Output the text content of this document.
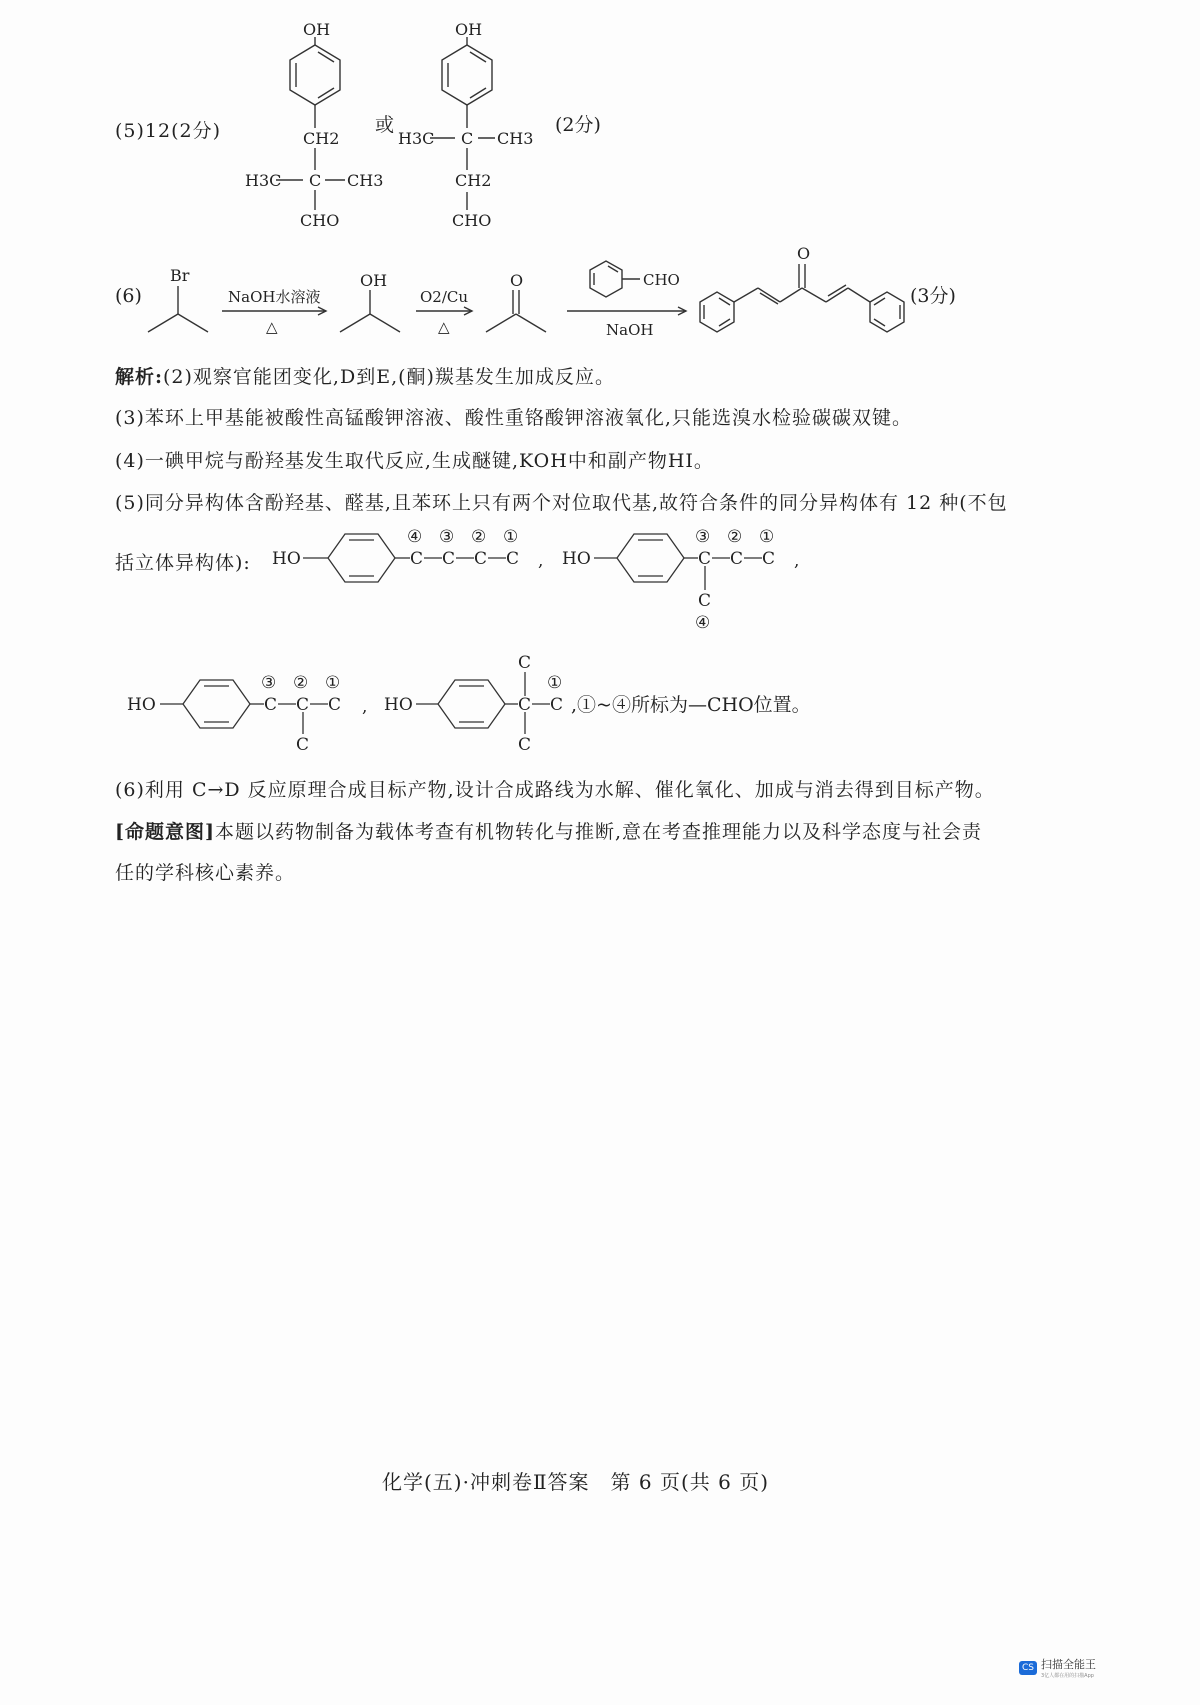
(5)12(2分)
OH
CH2
H3C C CH3
CHO
或
H3C C CH3
(2分)
OH
CH2
CHO
(6)
Br
NaOH水溶液
△
OH
O2/Cu
△
O	CHO
NaOH
O
(3分)
解析:(2)观察官能团变化,D到E,(酮)羰基发生加成反应。
(3)苯环上甲基能被酸性高锰酸钾溶液、酸性重铬酸钾溶液氧化,只能选溴水检验碳碳双键。
(4)一碘甲烷与酚羟基发生取代反应,生成醚键,KOH中和副产物HI。
(5)同分异构体含酚羟基、醛基,且苯环上只有两个对位取代基,故符合条件的同分异构体有 12 种(不包
括立体异构体): HO	C C C C
④ ③ ② ①
, HO	C C C
③ ② ①
C
④
,
HO	C C C
③ ② ①
C
, HO	C C
①
C
C
,①~④所标为—CHO位置。
(6)利用 C→D 反应原理合成目标产物,设计合成路线为水解、催化氧化、加成与消去得到目标产物。
[命题意图]本题以药物制备为载体考查有机物转化与推断,意在考查推理能力以及科学态度与社会责
任的学科核心素养。
化学(五)·冲刺卷Ⅱ答案　第 6 页(共 6 页)
CS 扫描全能王
3亿人都在用的扫描App
